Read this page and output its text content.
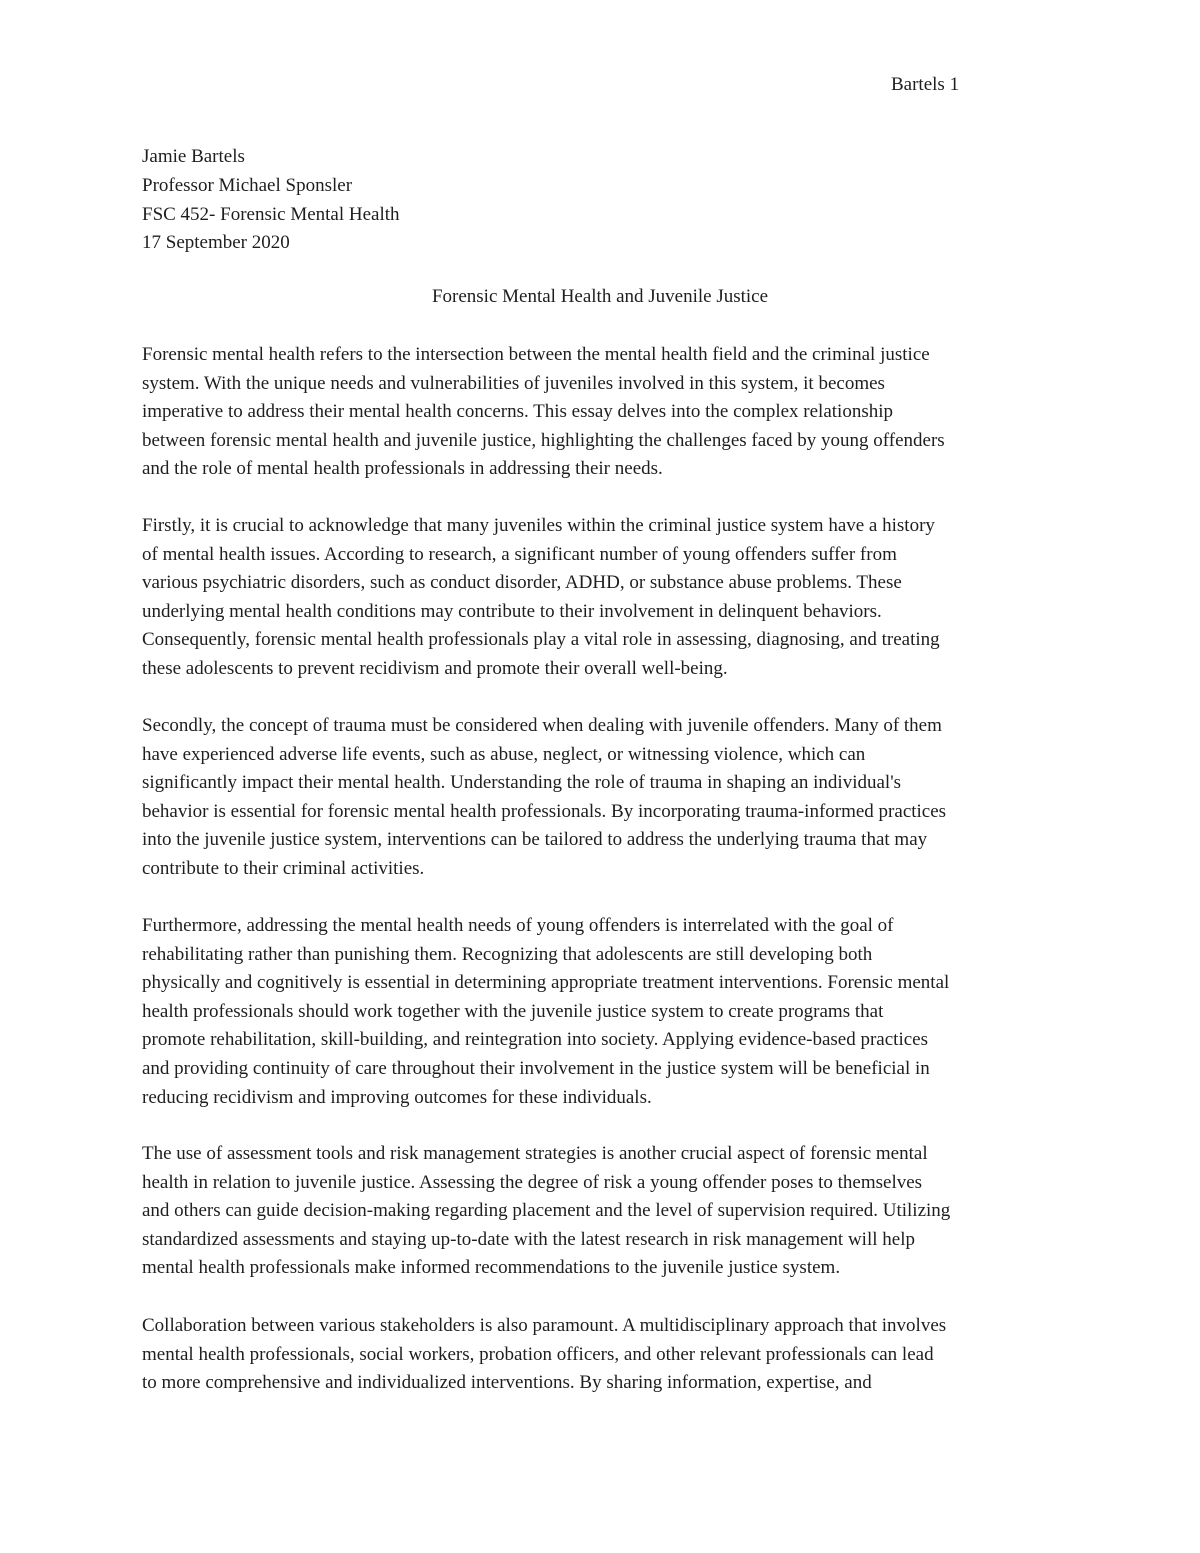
Bartels 1
Jamie Bartels
Professor Michael Sponsler
FSC 452- Forensic Mental Health
17 September 2020
Forensic Mental Health and Juvenile Justice
Forensic mental health refers to the intersection between the mental health field and the criminal justice
system. With the unique needs and vulnerabilities of juveniles involved in this system, it becomes
imperative to address their mental health concerns. This essay delves into the complex relationship
between forensic mental health and juvenile justice, highlighting the challenges faced by young offenders
and the role of mental health professionals in addressing their needs.
Firstly, it is crucial to acknowledge that many juveniles within the criminal justice system have a history
of mental health issues. According to research, a significant number of young offenders suffer from
various psychiatric disorders, such as conduct disorder, ADHD, or substance abuse problems. These
underlying mental health conditions may contribute to their involvement in delinquent behaviors.
Consequently, forensic mental health professionals play a vital role in assessing, diagnosing, and treating
these adolescents to prevent recidivism and promote their overall well-being.
Secondly, the concept of trauma must be considered when dealing with juvenile offenders. Many of them
have experienced adverse life events, such as abuse, neglect, or witnessing violence, which can
significantly impact their mental health. Understanding the role of trauma in shaping an individual's
behavior is essential for forensic mental health professionals. By incorporating trauma-informed practices
into the juvenile justice system, interventions can be tailored to address the underlying trauma that may
contribute to their criminal activities.
Furthermore, addressing the mental health needs of young offenders is interrelated with the goal of
rehabilitating rather than punishing them. Recognizing that adolescents are still developing both
physically and cognitively is essential in determining appropriate treatment interventions. Forensic mental
health professionals should work together with the juvenile justice system to create programs that
promote rehabilitation, skill-building, and reintegration into society. Applying evidence-based practices
and providing continuity of care throughout their involvement in the justice system will be beneficial in
reducing recidivism and improving outcomes for these individuals.
The use of assessment tools and risk management strategies is another crucial aspect of forensic mental
health in relation to juvenile justice. Assessing the degree of risk a young offender poses to themselves
and others can guide decision-making regarding placement and the level of supervision required. Utilizing
standardized assessments and staying up-to-date with the latest research in risk management will help
mental health professionals make informed recommendations to the juvenile justice system.
Collaboration between various stakeholders is also paramount. A multidisciplinary approach that involves
mental health professionals, social workers, probation officers, and other relevant professionals can lead
to more comprehensive and individualized interventions. By sharing information, expertise, and
